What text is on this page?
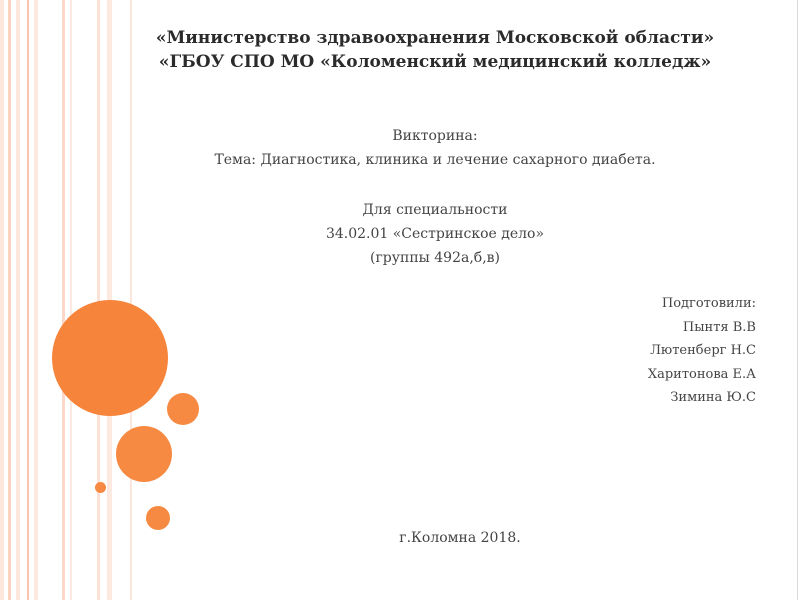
«Министерство здравоохранения Московской области»
«ГБОУ СПО МО «Коломенский медицинский колледж»
Викторина:
Тема: Диагностика, клиника и лечение сахарного диабета.
Для специальности
34.02.01 «Сестринское дело»
(группы 492а,б,в)
Подготовили:
Пынтя В.В
Лютенберг Н.С
Харитонова Е.А
Зимина Ю.С
г.Коломна 2018.
